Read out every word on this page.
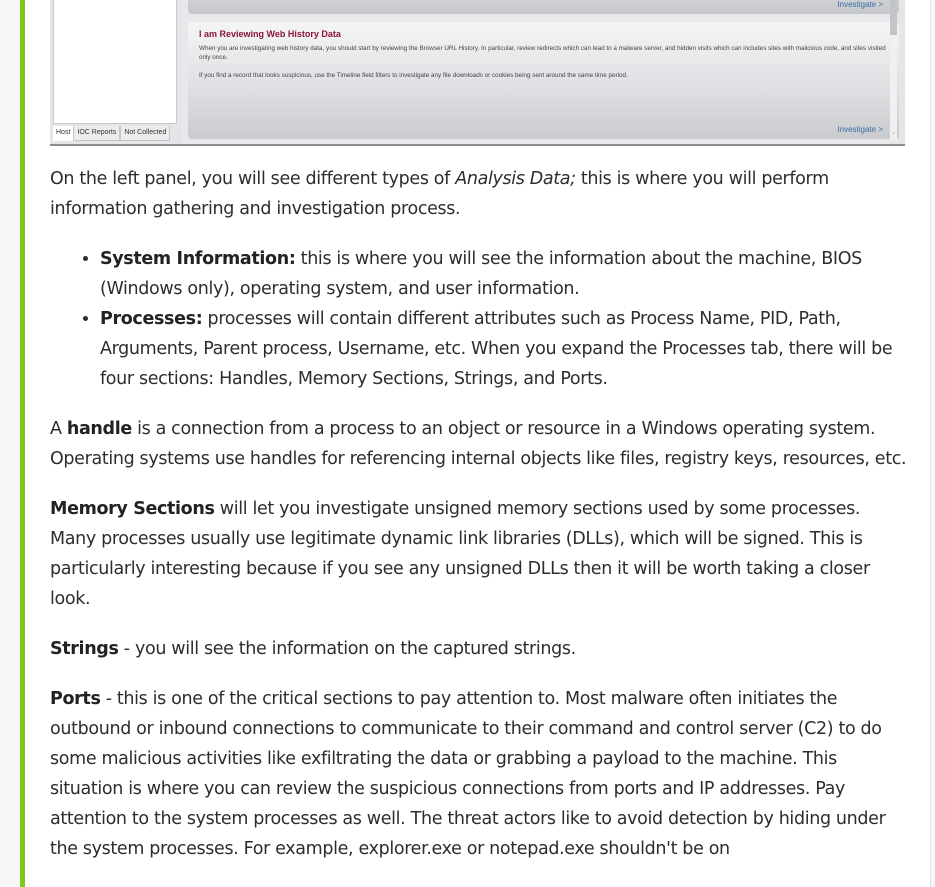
Host	IOC Reports	Not Collected
Investigate >
I am Reviewing Web History Data

When you are investigating web history data, you should start by reviewing the Browser URL History. In particular, review redirects which can lead to a malware server, and hidden visits which can includes sites with malicious code, and sites visited only once.

If you find a record that looks suspicious, use the Timeline field filters to investigate any file downloads or cookies being sent around the same time period.

Investigate > ⌄

On the left panel, you will see different types of Analysis Data; this is where you will perform information gathering and investigation process.

• System Information: this is where you will see the information about the machine, BIOS (Windows only), operating system, and user information.
• Processes: processes will contain different attributes such as Process Name, PID, Path, Arguments, Parent process, Username, etc. When you expand the Processes tab, there will be four sections: Handles, Memory Sections, Strings, and Ports.

A handle is a connection from a process to an object or resource in a Windows operating system. Operating systems use handles for referencing internal objects like files, registry keys, resources, etc.

Memory Sections will let you investigate unsigned memory sections used by some processes. Many processes usually use legitimate dynamic link libraries (DLLs), which will be signed. This is particularly interesting because if you see any unsigned DLLs then it will be worth taking a closer look.

Strings - you will see the information on the captured strings.

Ports - this is one of the critical sections to pay attention to. Most malware often initiates the outbound or inbound connections to communicate to their command and control server (C2) to do some malicious activities like exfiltrating the data or grabbing a payload to the machine. This situation is where you can review the suspicious connections from ports and IP addresses. Pay attention to the system processes as well. The threat actors like to avoid detection by hiding under the system processes. For example, explorer.exe or notepad.exe shouldn't be on
